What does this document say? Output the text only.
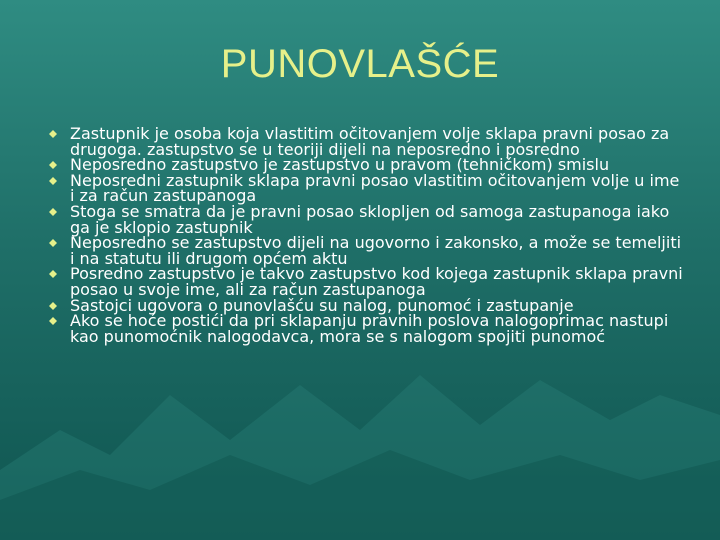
PUNOVLAŠĆE
Zastupnik je osoba koja vlastitim očitovanjem volje sklapa pravni posao za drugoga. zastupstvo se u teoriji dijeli na neposredno i posredno
Neposredno zastupstvo je zastupstvo u pravom (tehničkom) smislu
Neposredni zastupnik sklapa pravni posao vlastitim očitovanjem volje u ime i za račun zastupanoga
Stoga se smatra da je pravni posao sklopljen od samoga zastupanoga iako ga je sklopio zastupnik
Neposredno se zastupstvo dijeli na ugovorno i zakonsko, a može se temeljiti i na statutu ili drugom općem aktu
Posredno zastupstvo je takvo zastupstvo kod kojega zastupnik sklapa pravni posao u svoje ime, ali za račun zastupanoga
Sastojci ugovora o punovlašću su nalog, punomoć i zastupanje
Ako se hoće postići da pri sklapanju pravnih poslova nalogoprimac nastupi kao punomoćnik nalogodavca, mora se s nalogom spojiti punomoć
